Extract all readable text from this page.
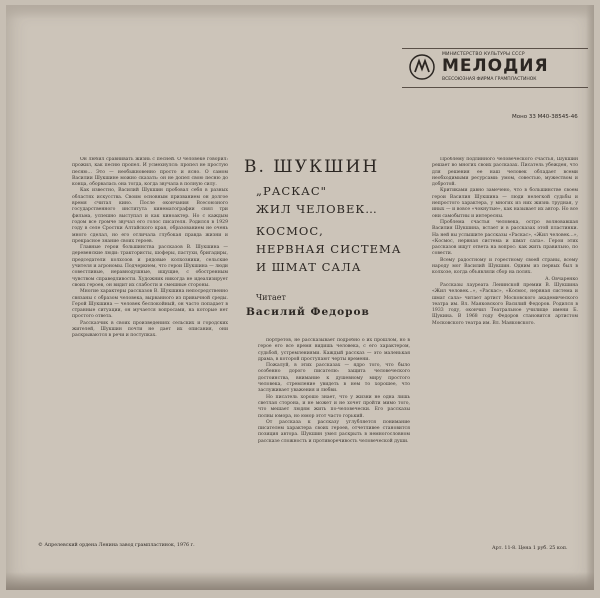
МИНИСТЕРСТВО КУЛЬТУРЫ СССР
МЕЛОДИЯ
ВСЕСОЮЗНАЯ ФИРМА ГРАМПЛАСТИНОК
Моно 33 М40-38545-46
В. ШУКШИН
„РАСКАС"
ЖИЛ ЧЕЛОВЕК…
КОСМОС,
НЕРВНАЯ СИСТЕМА
И ШМАТ САЛА
Читает
Василий Федоров

Он любил сравнивать жизнь с песней. О человеке говорил: прожил, как песню пропел. И усмехнулся: пропел не простую песню… Это — необыкновенно просто и ясно. О самом Василии Шукшине можно сказать: он не допел свою песню до конца, оборвалась она тогда, когда звучала в полную силу.

Как известно, Василий Шукшин пробовал себя в разных областях искусства. Своим основным призванием он долгое время считал кино. После окончания Всесоюзного государственного института кинематографии снял три фильма, успешно выступал и как киноактер. Но с каждым годом все громче звучал его голос писателя. Родился в 1929 году в селе Сростки Алтайского края, образованием не очень много сделал, но его отличала глубокая правда жизни и прекрасное знание своих героев.

Главные герои большинства рассказов В. Шукшина — деревенские люди: трактористы, шоферы, пастухи, бригадиры, председатели колхозов и рядовые колхозники, сельские учителя и агрономы. Подчеркнем, что герои Шукшина — люди совестливые, неравнодушные, ищущие, с обостренным чувством справедливости. Художник никогда не идеализирует своих героев, он видит их слабости и смешные стороны.

Многие характеры рассказов В. Шукшина непосредственно связаны с образом человека, вырванного из привычной среды. Герой Шукшина — человек беспокойный, он часто попадает в странные ситуации, он мучается вопросами, на которые нет простого ответа.

Рассказчик в своих произведениях сельских и городских жителей, Шукшин почти не дает их описания, они раскрываются в речи и поступках.

портретов, не рассказывает подробно о их прошлом, но в герое его все время видишь человека, с его характером, судьбой, устремлениями. Каждый рассказ — это маленькая драма, в которой проступают черты времени.

Пожалуй, в этих рассказах — ядро того, что было особенно дорого писателю: защита человеческого достоинства, внимание к душевному миру простого человека, стремление увидеть в нем то хорошее, что заслуживает уважения и любви.

Но писатель хорошо знает, что у жизни не одна лишь светлая сторона, и не может и не хочет пройти мимо того, что мешает людям жить по-человечески. Его рассказы полны юмора, но юмор этот часто горький.

От рассказа к рассказу углубляется понимание писателем характера своих героев, отчетливее становится позиция автора. Шукшин умел раскрыть в немногословном рассказе сложность и противоречивость человеческой души.

Проблему подлинного человеческого счастья, Шукшин решает во многих своих рассказах. Писатель убежден, что для решения ее наш человек обладает всеми необходимыми ресурсами: умом, совестью, мужеством и добротой.

Критиками давно замечено, что в большинстве своем герои Василия Шукшина — люди нелегкой судьбы и непростого характера, у многих из них жизнь трудная, у иных — и вовсе «чокнутые», как называет их автор. Но все они самобытны и интересны.

Проблема счастья человека, остро волновавшая Василия Шукшина, встает и в рассказах этой пластинки. На ней вы услышите рассказы «Раскас», «Жил человек…», «Космос, нервная система и шмат сала». Герои этих рассказов ищут ответа на вопрос: как жить правильно, по совести.

Всему радостному и горестному своей страны, всему народу мог Василий Шукшин. Одним из первых был в колхозе, когда объявляли сбор на полях.

А. Овчаренко

Рассказы лауреата Ленинской премии В. Шукшина «Жил человек…», «Раскас», «Космос, нервная система и шмат сала» читает артист Московского академического театра им. Вл. Маяковского Василий Федоров. Родился в 1933 году, окончил Театральное училище имени Б. Щукина. В 1968 году Федоров становится артистом Московского театра им. Вл. Маяковского.

© Апрелевский ордена Ленина завод грампластинок, 1976 г.
Арт. 11-8. Цена 1 руб. 25 коп.
